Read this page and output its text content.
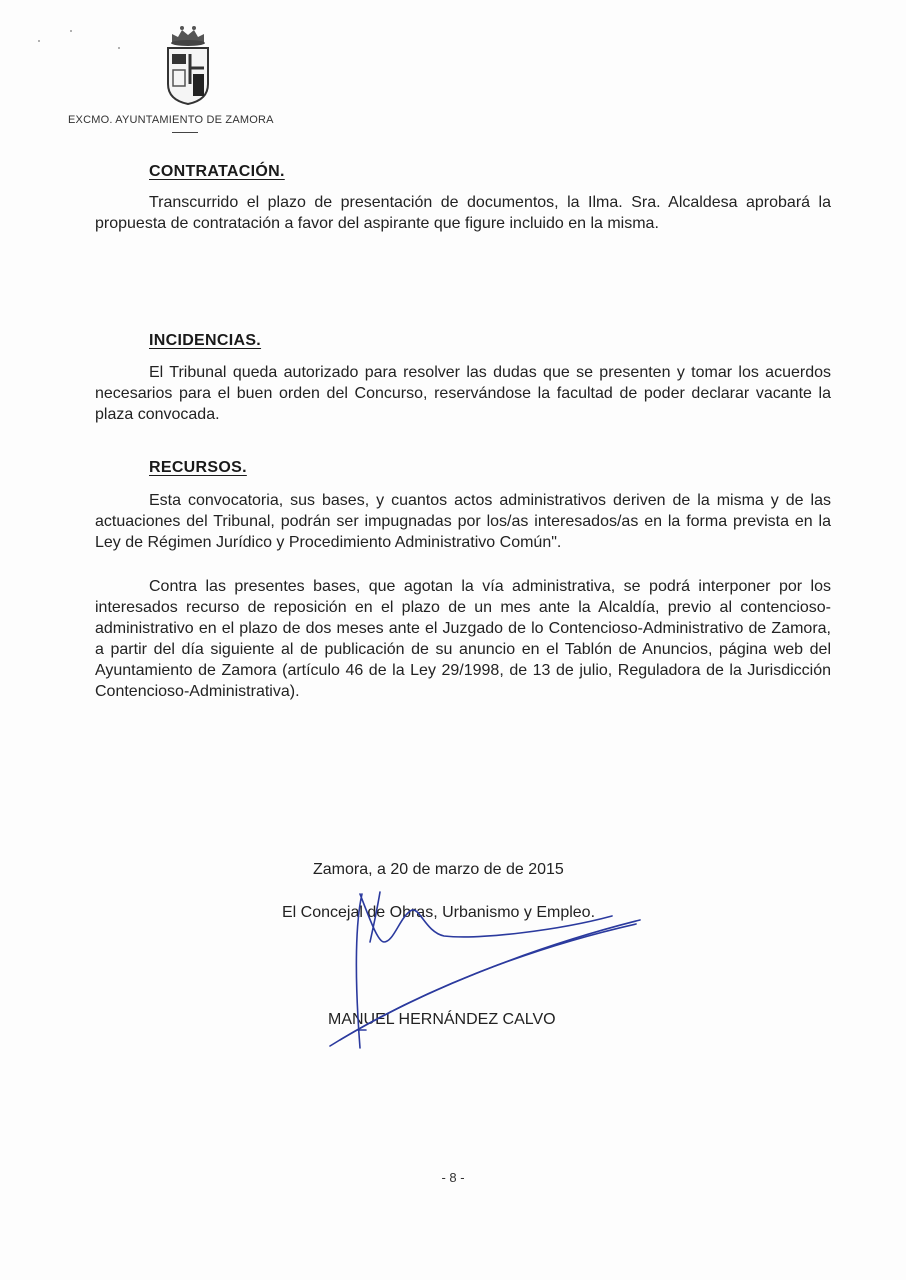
EXCMO. AYUNTAMIENTO DE ZAMORA
CONTRATACIÓN.

Transcurrido el plazo de presentación de documentos, la Ilma. Sra. Alcaldesa aprobará la propuesta de contratación a favor del aspirante que figure incluido en la misma.

INCIDENCIAS.

El Tribunal queda autorizado para resolver las dudas que se presenten y tomar los acuerdos necesarios para el buen orden del Concurso, reservándose la facultad de poder declarar vacante la plaza convocada.

RECURSOS.

Esta convocatoria, sus bases, y cuantos actos administrativos deriven de la misma y de las actuaciones del Tribunal, podrán ser impugnadas por los/as interesados/as en la forma prevista en la Ley de Régimen Jurídico y Procedimiento Administrativo Común".

Contra las presentes bases, que agotan la vía administrativa, se podrá interponer por los interesados recurso de reposición en el plazo de un mes ante la Alcaldía, previo al contencioso-administrativo en el plazo de dos meses ante el Juzgado de lo Contencioso-Administrativo de Zamora, a partir del día siguiente al de publicación de su anuncio en el Tablón de Anuncios, página web del Ayuntamiento de Zamora (artículo 46 de la Ley 29/1998, de 13 de julio, Reguladora de la Jurisdicción Contencioso-Administrativa).

Zamora, a 20 de marzo de de 2015
El Concejal de Obras, Urbanismo y Empleo.
MANUEL HERNÁNDEZ CALVO
- 8 -
